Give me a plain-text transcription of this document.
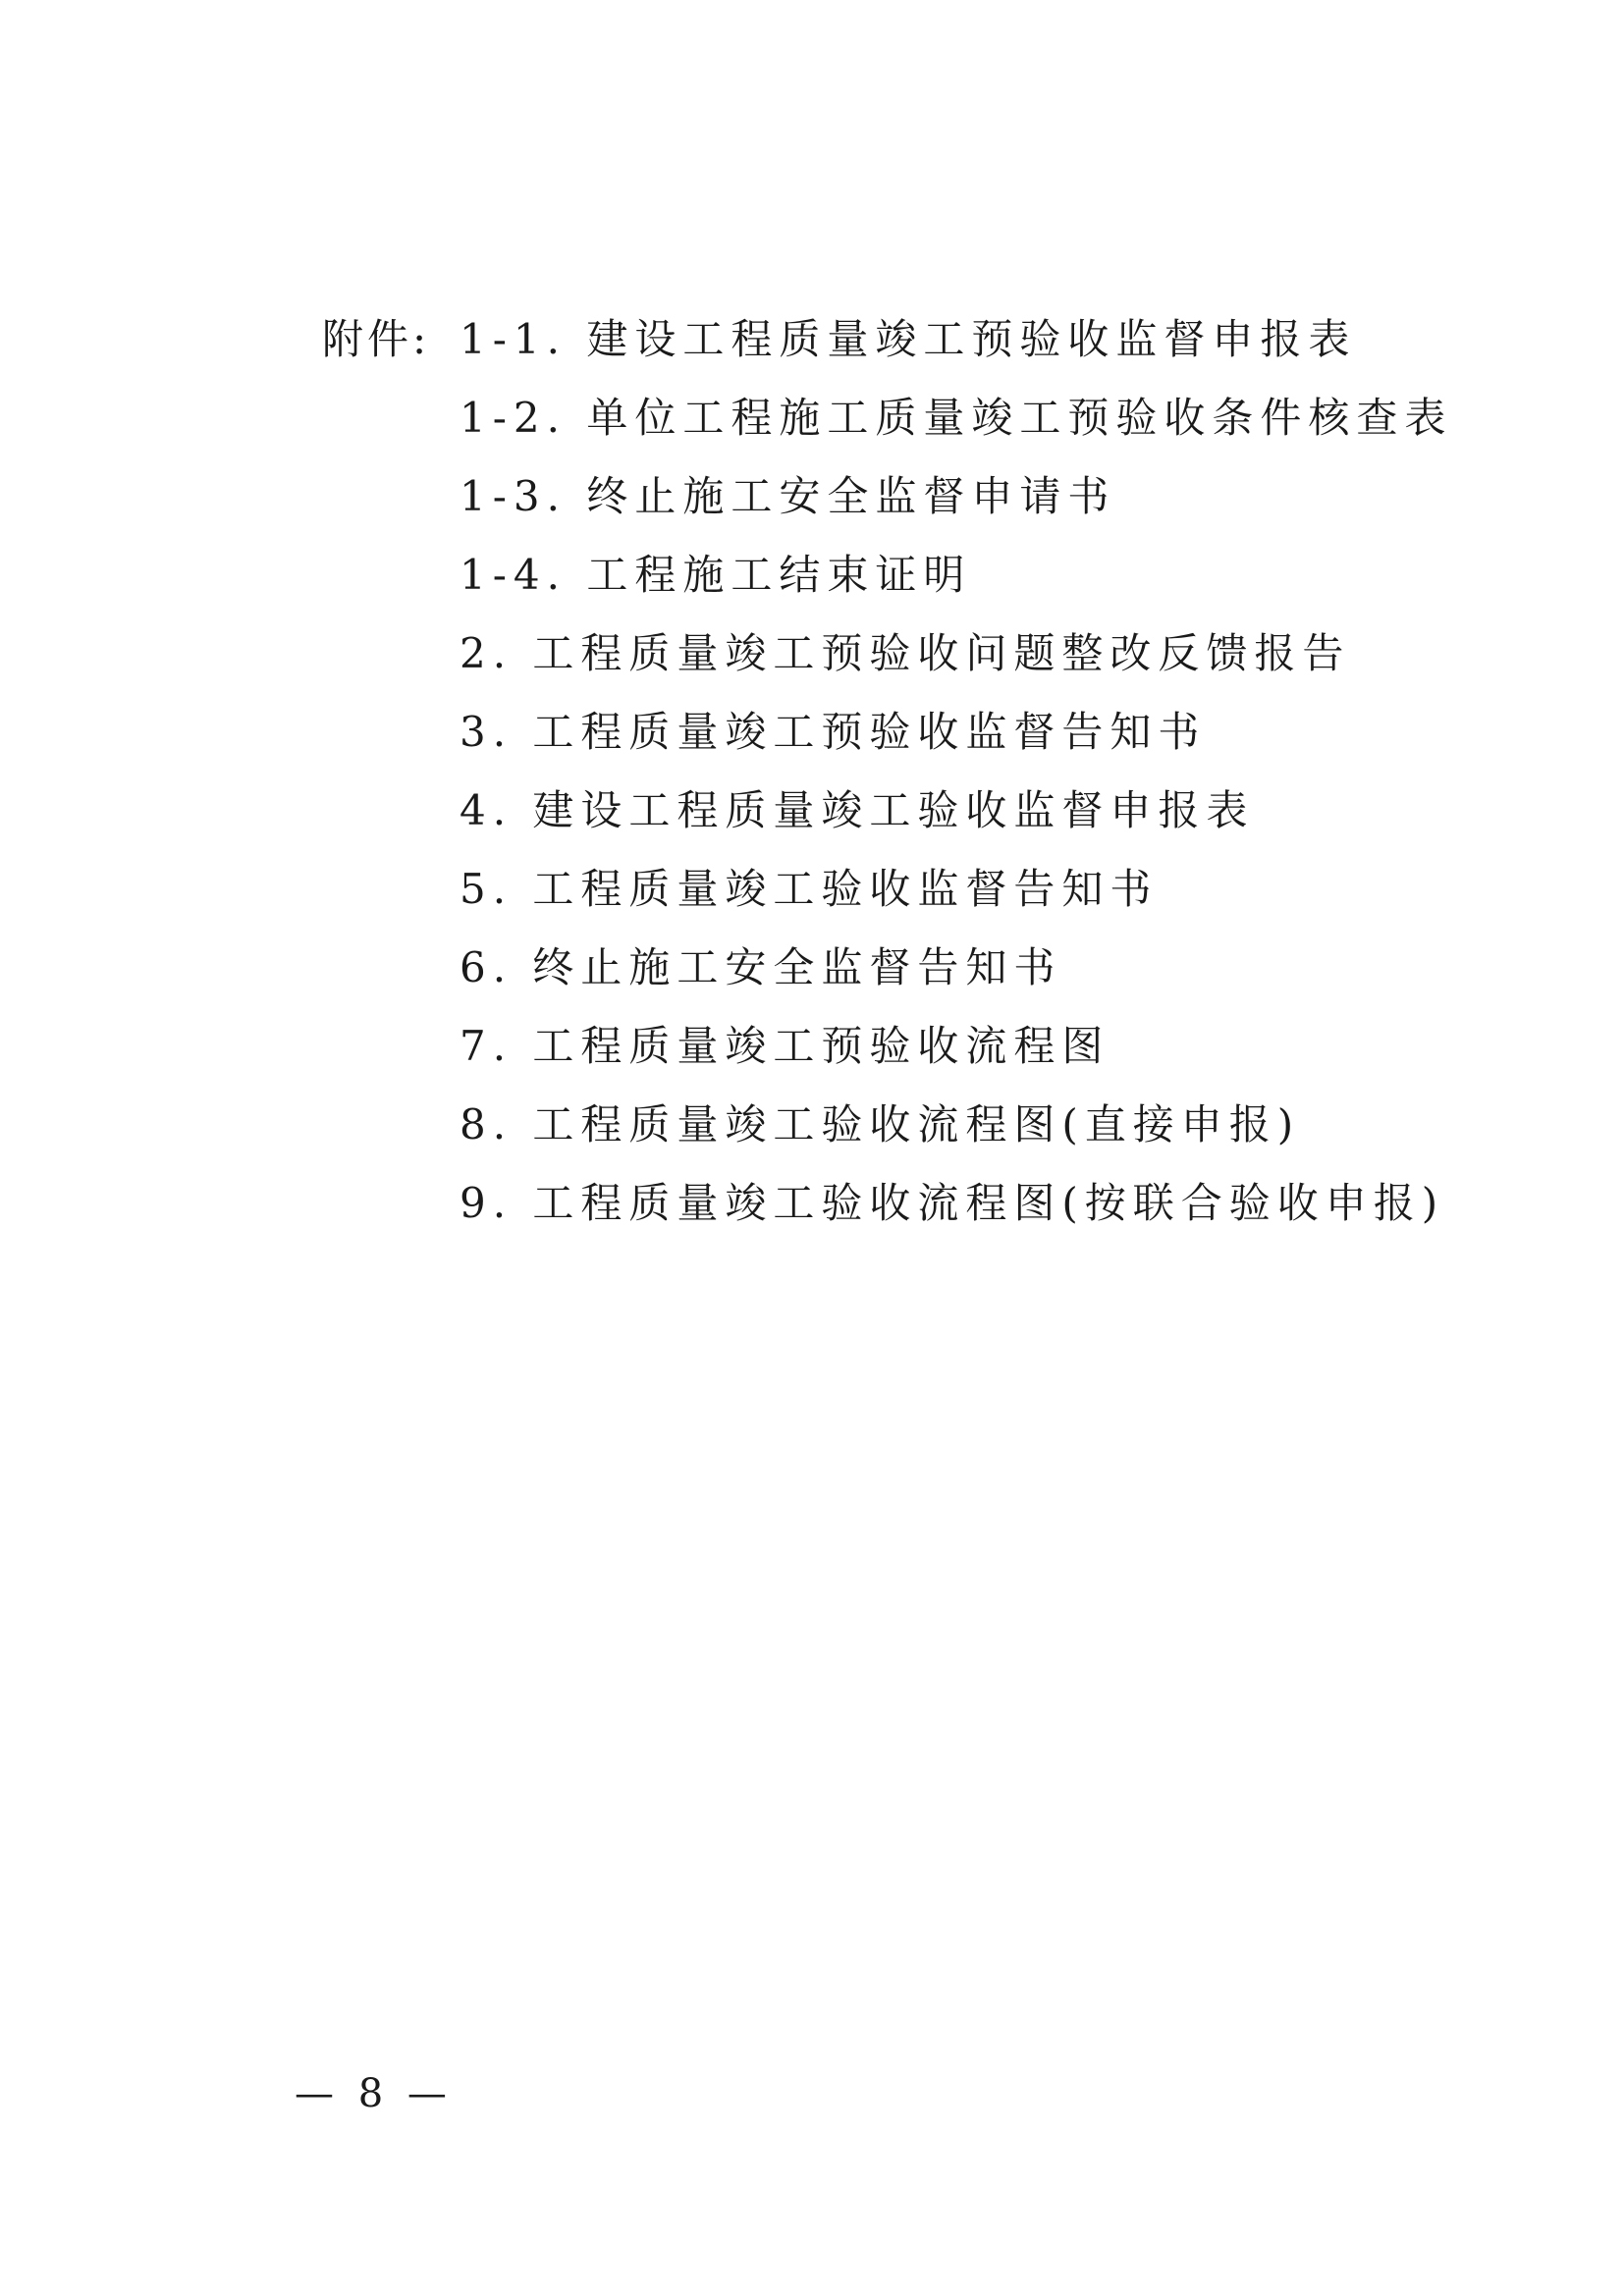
附件: 1-1. 建设工程质量竣工预验收监督申报表
1-2. 单位工程施工质量竣工预验收条件核查表
1-3. 终止施工安全监督申请书
1-4. 工程施工结束证明
2. 工程质量竣工预验收问题整改反馈报告
3. 工程质量竣工预验收监督告知书
4. 建设工程质量竣工验收监督申报表
5. 工程质量竣工验收监督告知书
6. 终止施工安全监督告知书
7. 工程质量竣工预验收流程图
8. 工程质量竣工验收流程图(直接申报)
9. 工程质量竣工验收流程图(按联合验收申报)
— 8 —
